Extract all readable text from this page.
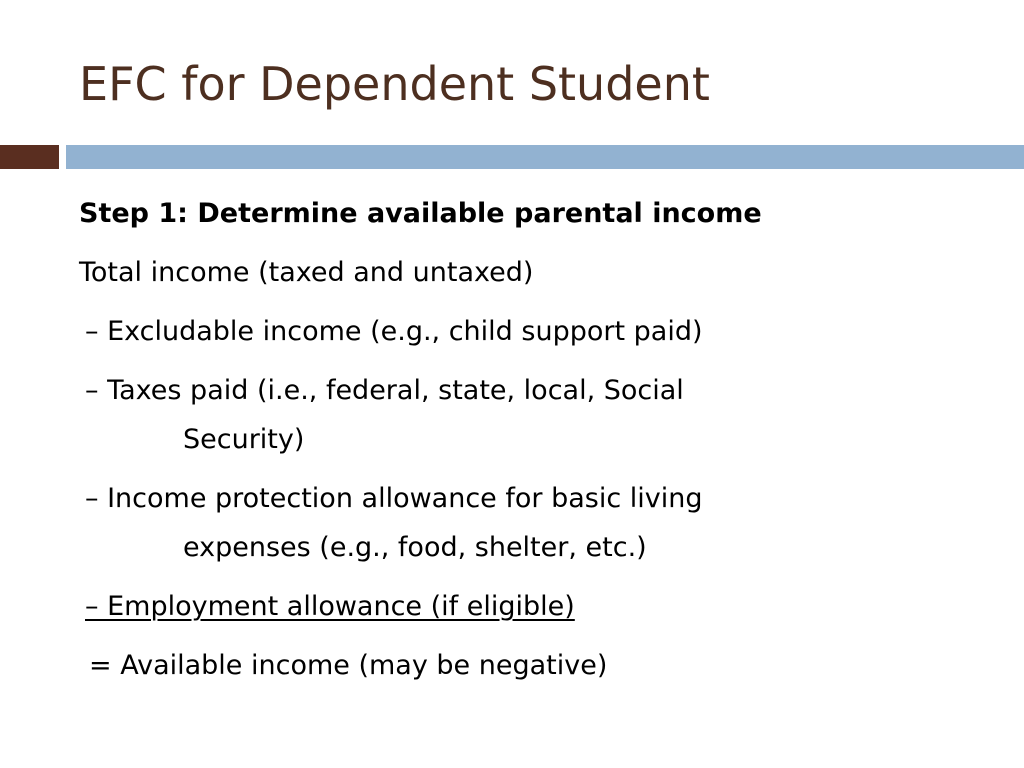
EFC for Dependent Student
Step 1: Determine available parental income
Total income (taxed and untaxed)
– Excludable income (e.g., child support paid)
– Taxes paid (i.e., federal, state, local, Social
Security)
– Income protection allowance for basic living
expenses (e.g., food, shelter, etc.)
– Employment allowance (if eligible)
= Available income (may be negative)
